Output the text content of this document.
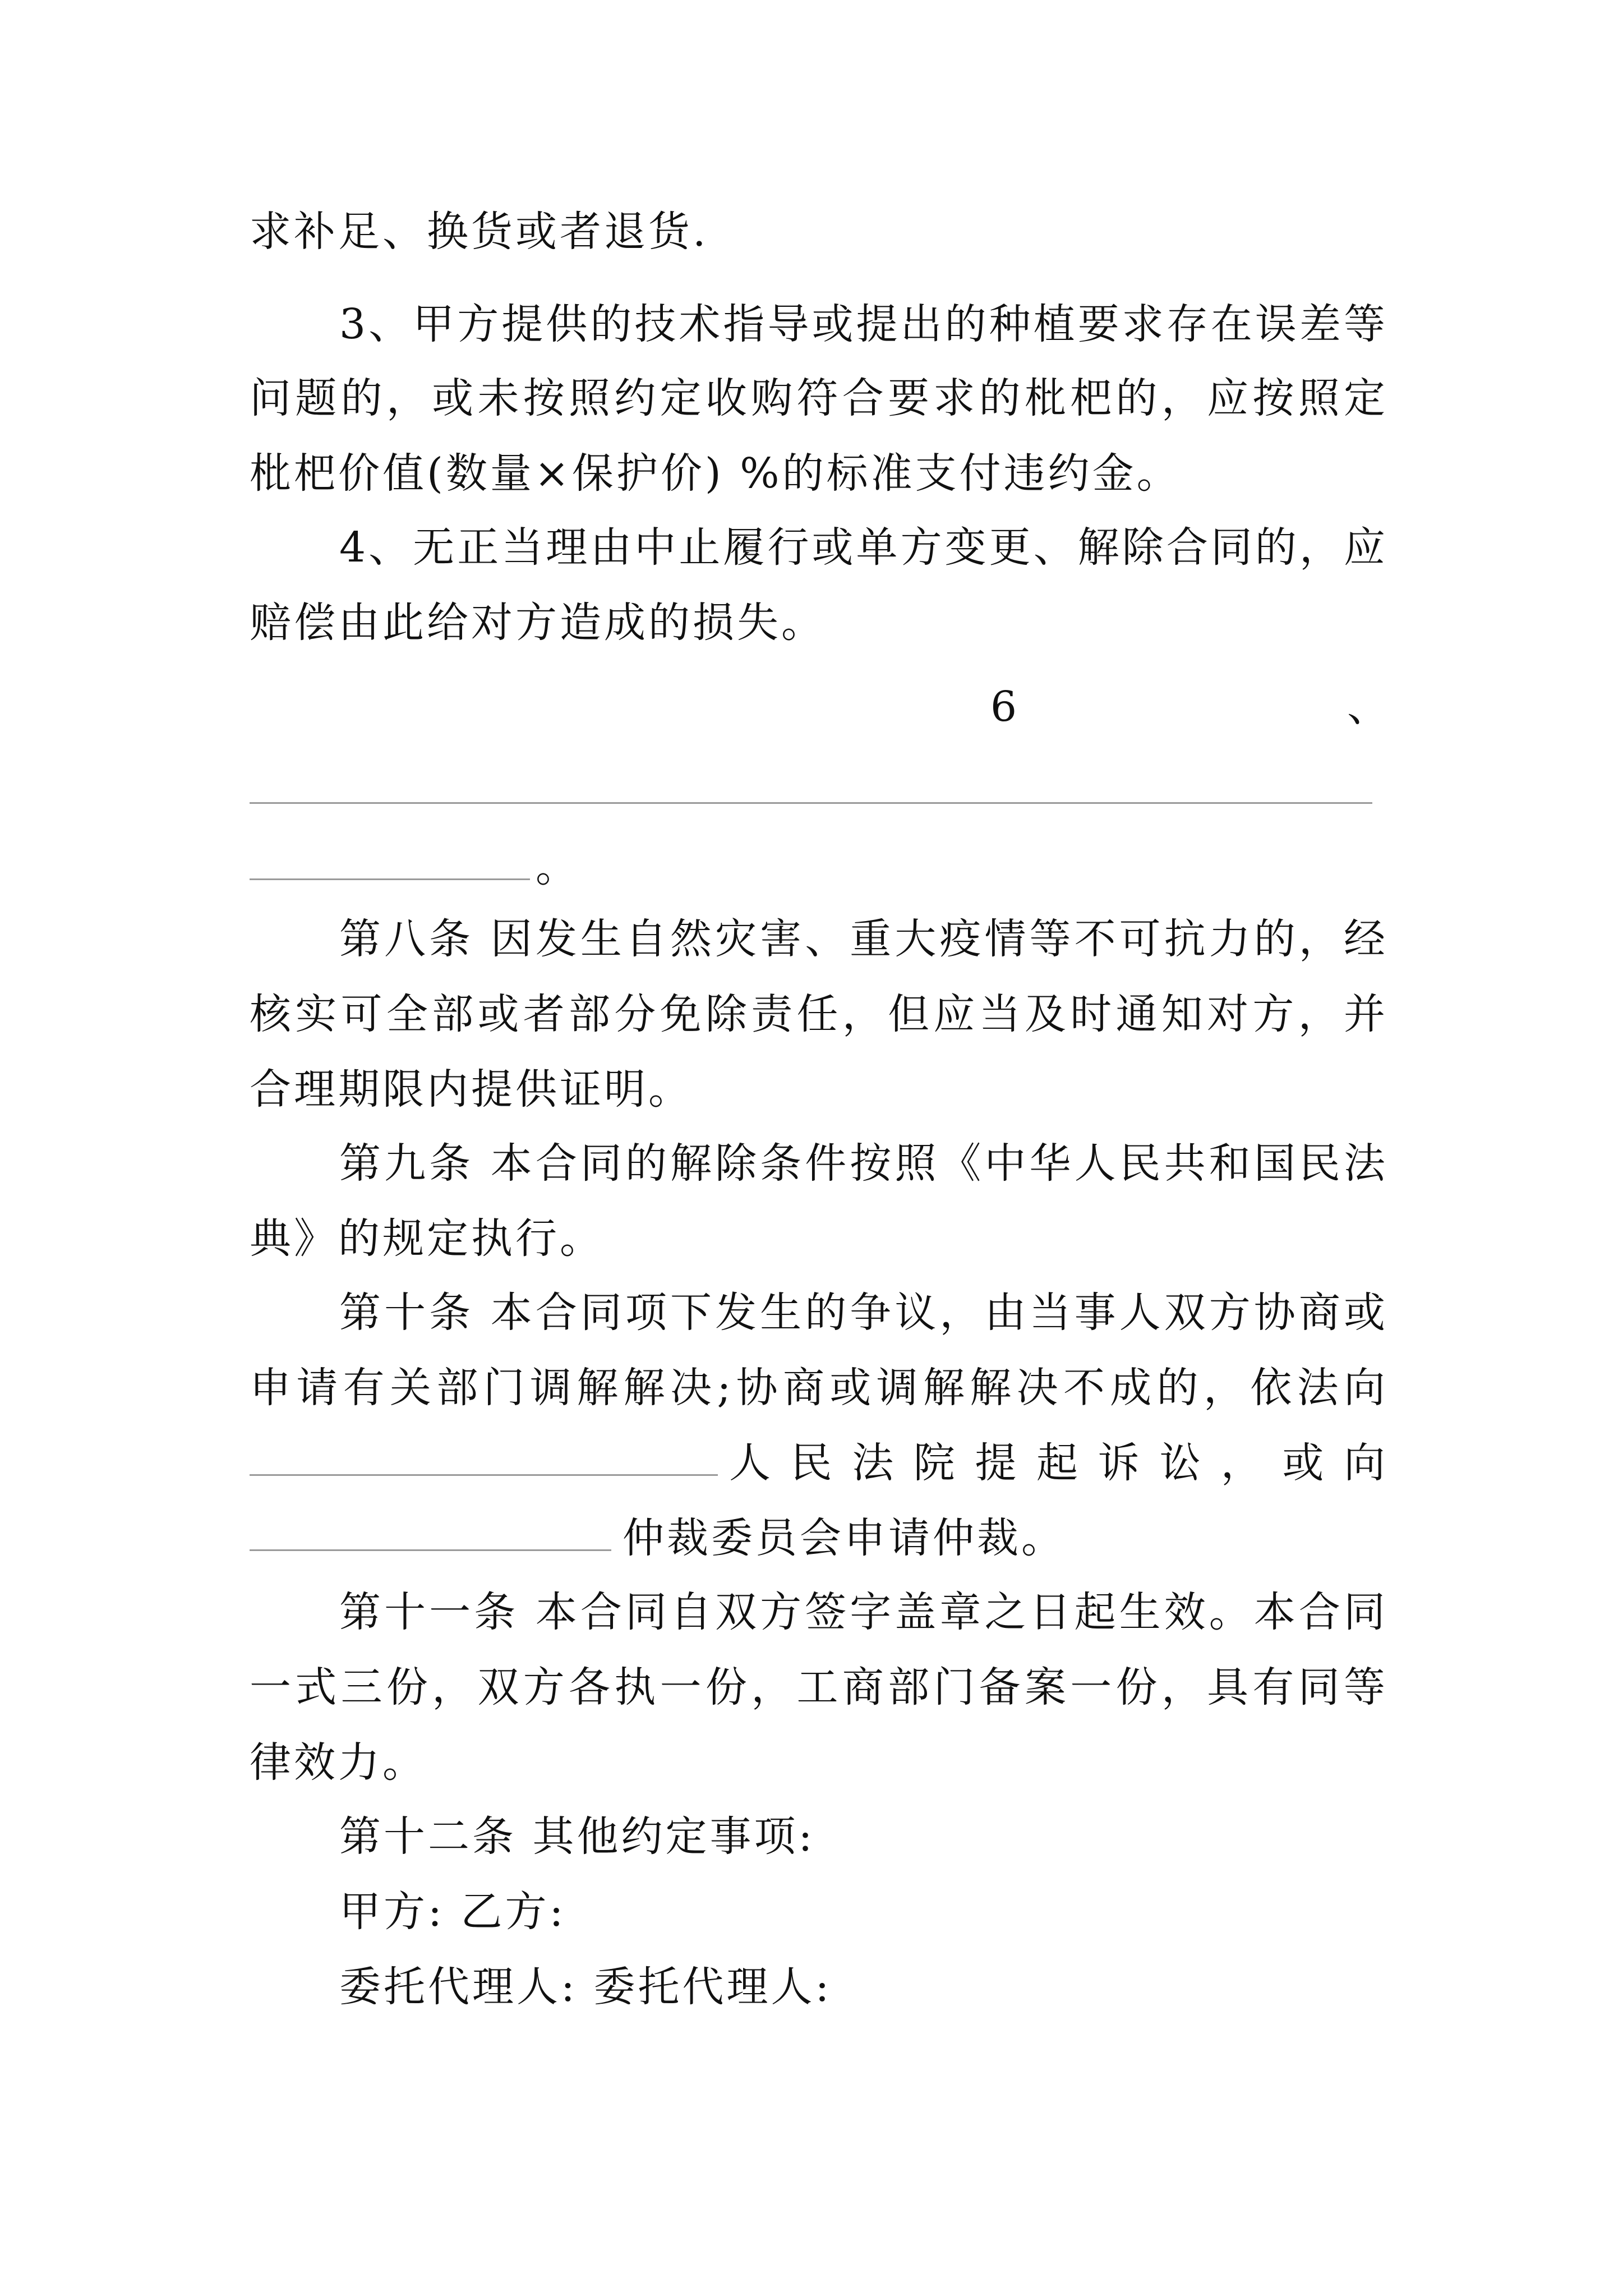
求补足、换货或者退货.
3、甲方提供的技术指导或提出的种植要求存在误差等
问题的，或未按照约定收购符合要求的枇杷的，应按照定
枇杷价值(数量×保护价) %的标准支付违约金。
4、无正当理由中止履行或单方变更、解除合同的，应
赔偿由此给对方造成的损失。
6	、
。
第八条 因发生自然灾害、重大疫情等不可抗力的，经
核实可全部或者部分免除责任，但应当及时通知对方，并
合理期限内提供证明。
第九条 本合同的解除条件按照《中华人民共和国民法
典》的规定执行。
第十条 本合同项下发生的争议，由当事人双方协商或
申请有关部门调解解决;协商或调解解决不成的，依法向
人民法院提起诉讼，或向
仲裁委员会申请仲裁。
第十一条 本合同自双方签字盖章之日起生效。本合同
一式三份，双方各执一份，工商部门备案一份，具有同等
律效力。
第十二条 其他约定事项:
甲方: 乙方:
委托代理人: 委托代理人:
